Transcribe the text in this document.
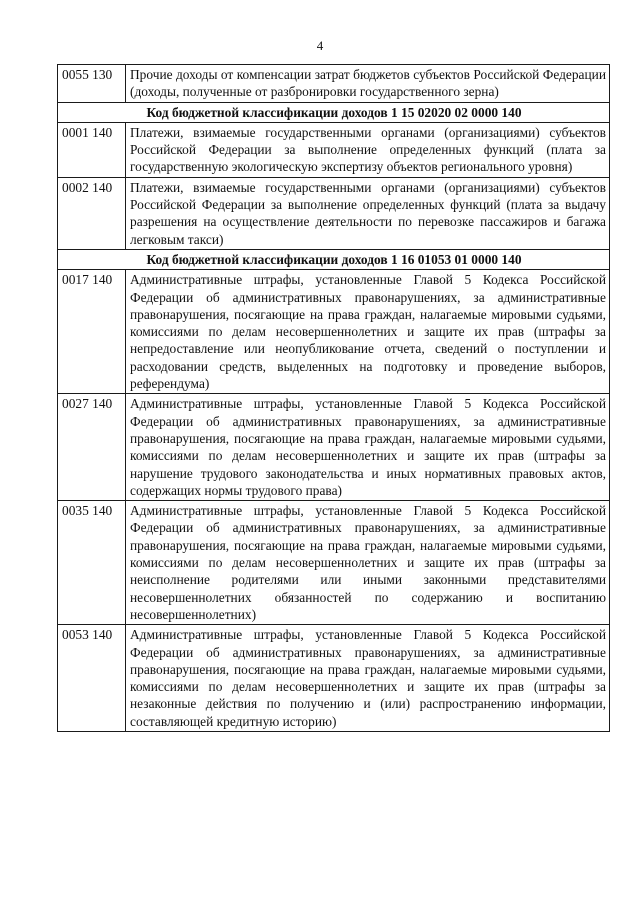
4
0055 130	Прочие доходы от компенсации затрат бюджетов субъектов Российской Федерации (доходы, полученные от разбронировки государственного зерна)
Код бюджетной классификации доходов 1 15 02020 02 0000 140	
0001 140	Платежи, взимаемые государственными органами (организациями) субъектов Российской Федерации за выполнение определенных функций (плата за государственную экологическую экспертизу объектов регионального уровня)
0002 140	Платежи, взимаемые государственными органами (организациями) субъектов Российской Федерации за выполнение определенных функций (плата за выдачу разрешения на осуществление деятельности по перевозке пассажиров и багажа легковым такси)
Код бюджетной классификации доходов 1 16 01053 01 0000 140	
0017 140	Административные штрафы, установленные Главой 5 Кодекса Российской Федерации об административных правонарушениях, за административные правонарушения, посягающие на права граждан, налагаемые мировыми судьями, комиссиями по делам несовершеннолетних и защите их прав (штрафы за непредоставление или неопубликование отчета, сведений о поступлении и расходовании средств, выделенных на подготовку и проведение выборов, референдума)
0027 140	Административные штрафы, установленные Главой 5 Кодекса Российской Федерации об административных правонарушениях, за административные правонарушения, посягающие на права граждан, налагаемые мировыми судьями, комиссиями по делам несовершеннолетних и защите их прав (штрафы за нарушение трудового законодательства и иных нормативных правовых актов, содержащих нормы трудового права)
0035 140	Административные штрафы, установленные Главой 5 Кодекса Российской Федерации об административных правонарушениях, за административные правонарушения, посягающие на права граждан, налагаемые мировыми судьями, комиссиями по делам несовершеннолетних и защите их прав (штрафы за неисполнение родителями или иными законными представителями несовершеннолетних обязанностей по содержанию и воспитанию несовершеннолетних)
0053 140	Административные штрафы, установленные Главой 5 Кодекса Российской Федерации об административных правонарушениях, за административные правонарушения, посягающие на права граждан, налагаемые мировыми судьями, комиссиями по делам несовершеннолетних и защите их прав (штрафы за незаконные действия по получению и (или) распространению информации, составляющей кредитную историю)
